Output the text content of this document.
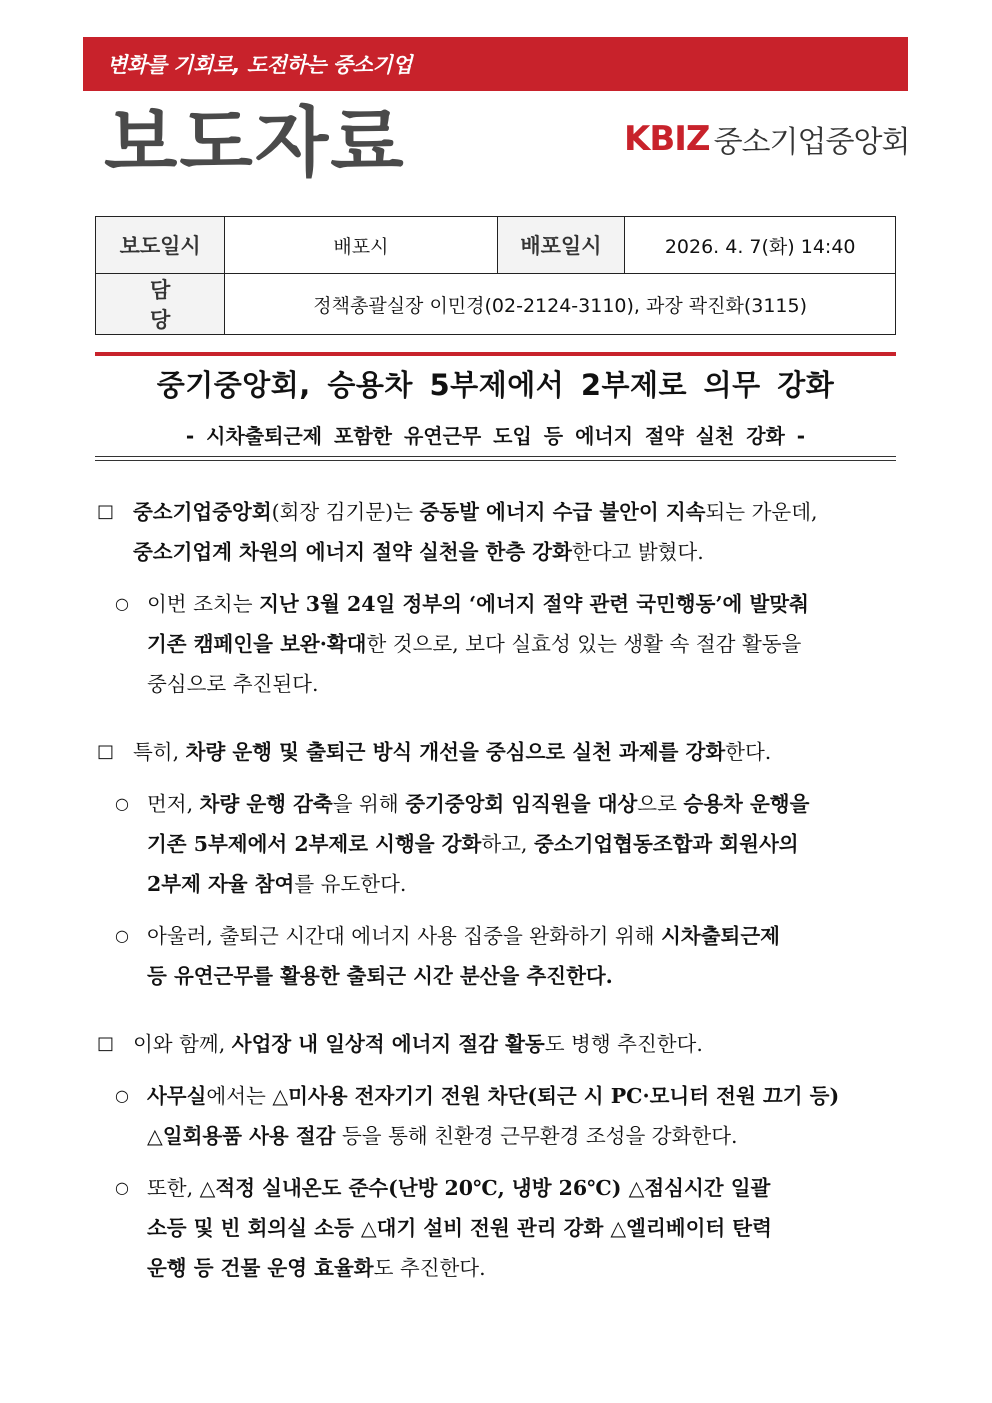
변화를 기회로, 도전하는 중소기업
보도자료	KBIZ 중소기업중앙회
보도일시	배포시	배포일시	2026. 4. 7(화) 14:40
담당	정책총괄실장 이민경(02-2124-3110), 과장 곽진화(3115)		
중기중앙회, 승용차 5부제에서 2부제로 의무 강화
- 시차출퇴근제 포함한 유연근무 도입 등 에너지 절약 실천 강화 -

□ 중소기업중앙회(회장 김기문)는 중동발 에너지 수급 불안이 지속되는 가운데,
중소기업계 차원의 에너지 절약 실천을 한층 강화한다고 밝혔다.

○ 이번 조치는 지난 3월 24일 정부의 ‘에너지 절약 관련 국민행동’에 발맞춰
기존 캠페인을 보완·확대한 것으로, 보다 실효성 있는 생활 속 절감 활동을
중심으로 추진된다.

□ 특히, 차량 운행 및 출퇴근 방식 개선을 중심으로 실천 과제를 강화한다.

○ 먼저, 차량 운행 감축을 위해 중기중앙회 임직원을 대상으로 승용차 운행을
기존 5부제에서 2부제로 시행을 강화하고, 중소기업협동조합과 회원사의
2부제 자율 참여를 유도한다.

○ 아울러, 출퇴근 시간대 에너지 사용 집중을 완화하기 위해 시차출퇴근제
등 유연근무를 활용한 출퇴근 시간 분산을 추진한다.

□ 이와 함께, 사업장 내 일상적 에너지 절감 활동도 병행 추진한다.

○ 사무실에서는 △미사용 전자기기 전원 차단(퇴근 시 PC·모니터 전원 끄기 등)
△일회용품 사용 절감 등을 통해 친환경 근무환경 조성을 강화한다.

○ 또한, △적정 실내온도 준수(난방 20℃, 냉방 26℃) △점심시간 일괄
소등 및 빈 회의실 소등 △대기 설비 전원 관리 강화 △엘리베이터 탄력
운행 등 건물 운영 효율화도 추진한다.
